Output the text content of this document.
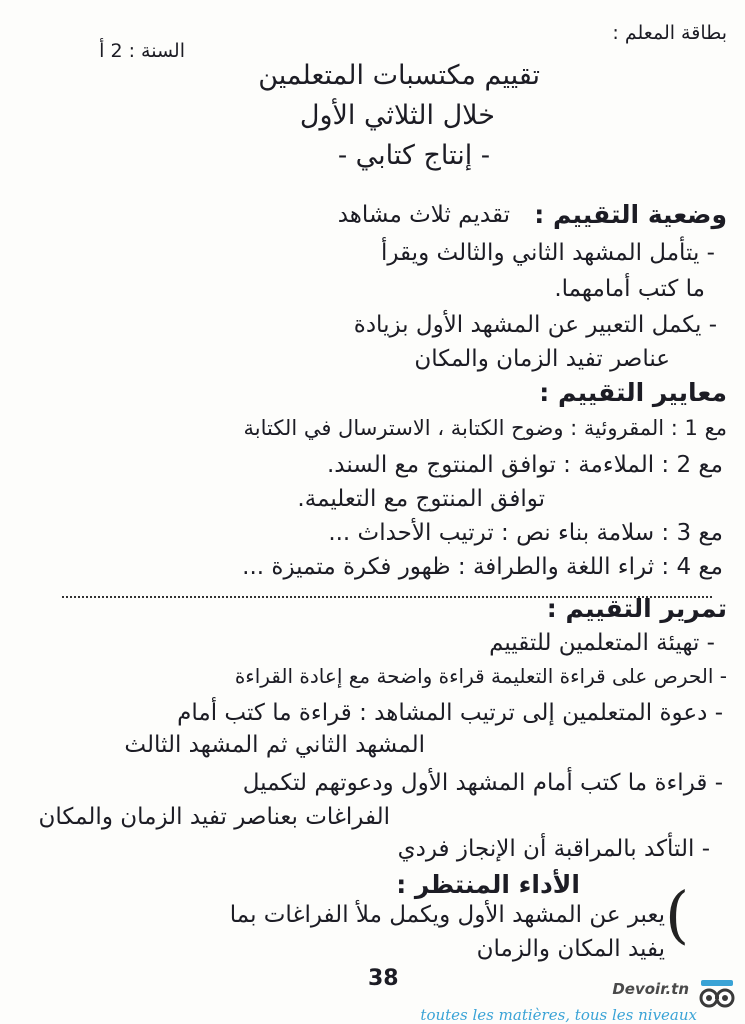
بطاقة المعلم :
السنة : 2 أ
تقييم مكتسبات المتعلمين
خلال الثلاثي الأول
- إنتاج كتابي -
وضعية التقييم :
تقديم ثلاث مشاهد
- يتأمل المشهد الثاني والثالث ويقرأ
ما كتب أمامهما.
- يكمل التعبير عن المشهد الأول بزيادة
عناصر تفيد الزمان والمكان
معايير التقييم :
مع 1 : المقروئية : وضوح الكتابة ، الاسترسال في الكتابة
مع 2 : الملاءمة : توافق المنتوج مع السند.
توافق المنتوج مع التعليمة.
مع 3 : سلامة بناء نص : ترتيب الأحداث ...
مع 4 : ثراء اللغة والطرافة : ظهور فكرة متميزة ...
تمرير التقييم :
- تهيئة المتعلمين للتقييم
- الحرص على قراءة التعليمة قراءة واضحة مع إعادة القراءة
- دعوة المتعلمين إلى ترتيب المشاهد : قراءة ما كتب أمام
المشهد الثاني ثم المشهد الثالث
- قراءة ما كتب أمام المشهد الأول ودعوتهم لتكميل
الفراغات بعناصر تفيد الزمان والمكان
- التأكد بالمراقبة أن الإنجاز فردي
الأداء المنتظر : (
يعبر عن المشهد الأول ويكمل ملأ الفراغات بما
يفيد المكان والزمان
38	Devoir.tn
toutes les matières, tous les niveaux
